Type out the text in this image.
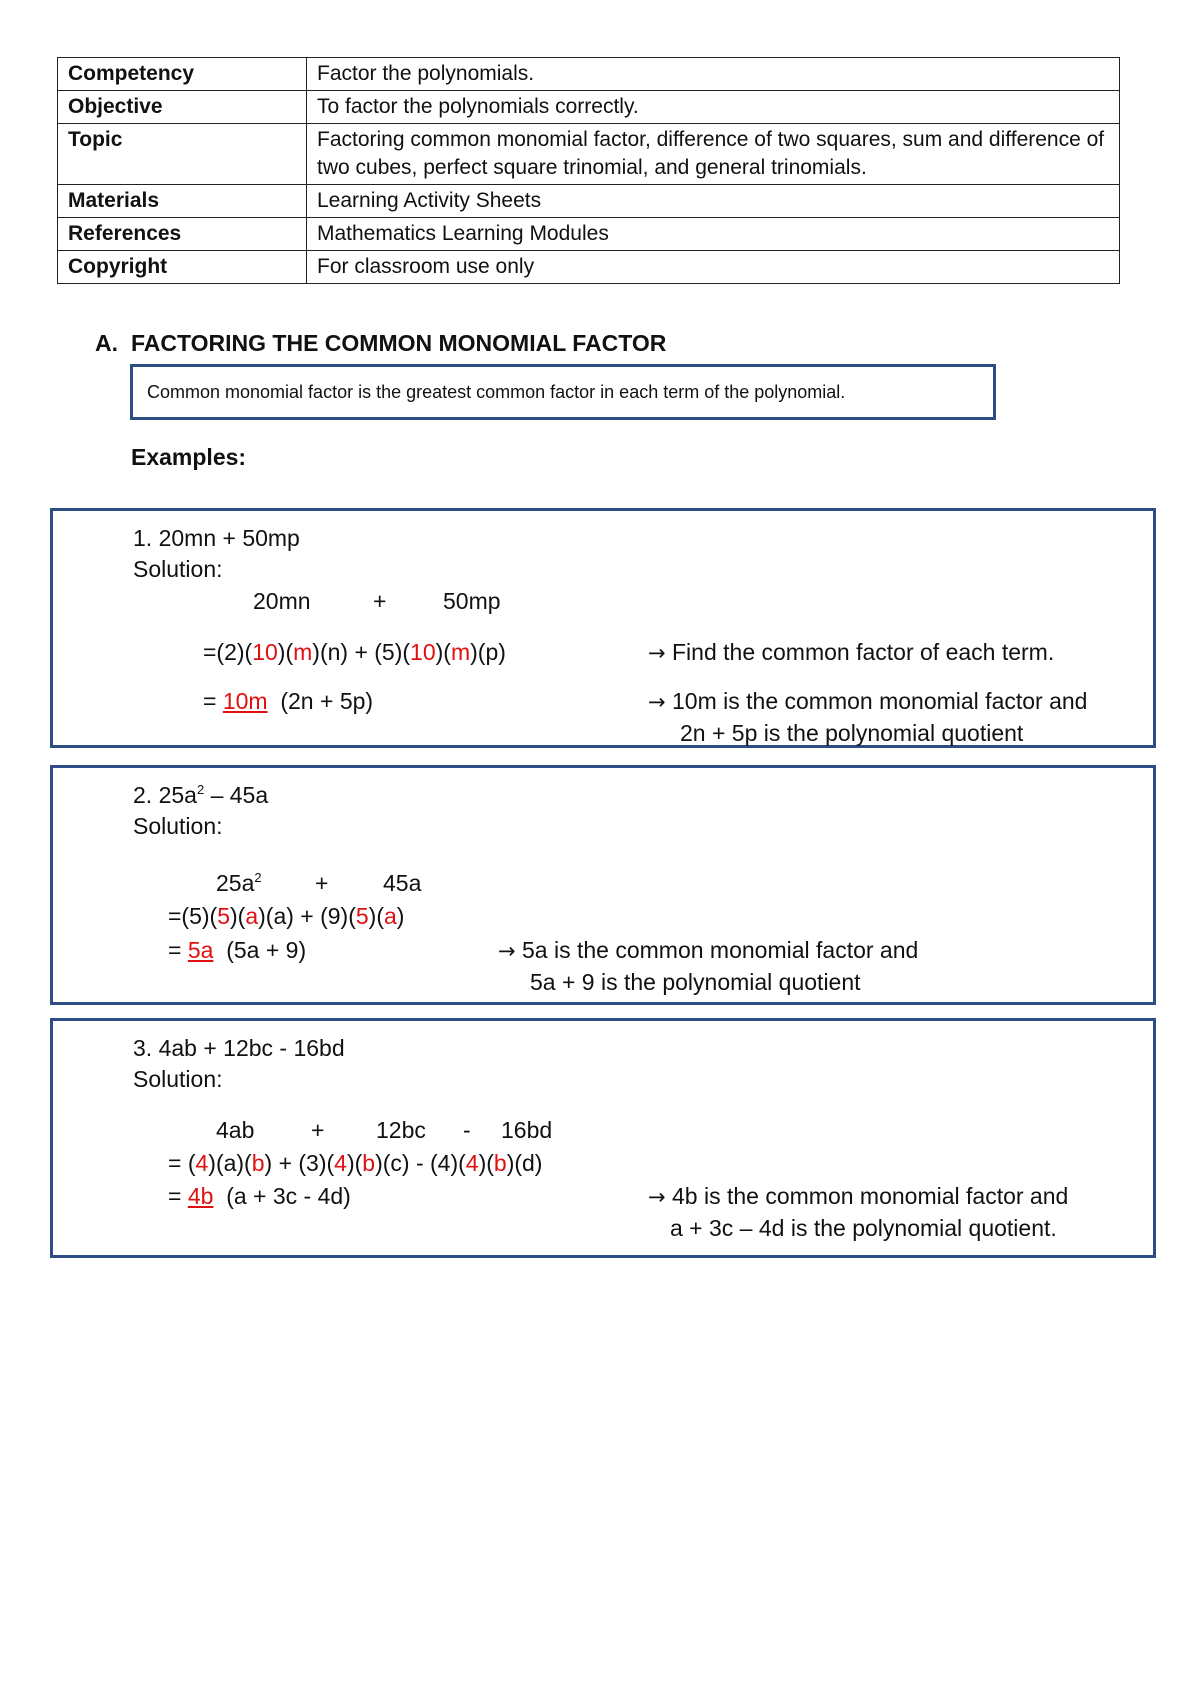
Competency	Factor the polynomials.
Objective	To factor the polynomials correctly.
Topic	Factoring common monomial factor, difference of two squares, sum and difference of two cubes, perfect square trinomial, and general trinomials.
Materials	Learning Activity Sheets
References	Mathematics Learning Modules
Copyright	For classroom use only
A. FACTORING THE COMMON MONOMIAL FACTOR
Common monomial factor is the greatest common factor in each term of the polynomial.
Examples:
1. 20mn + 50mp
Solution:
20mn	+ 50mp
=(2)(10)(m)(n) + (5)(10)(m)(p)
= 10m (2n + 5p)
→ Find the common factor of each term.
→ 10m is the common monomial factor and
2n + 5p is the polynomial quotient
2. $25a^2 - 45a$
Solution:
$25a^2 + 45a$
=(5)(5)(a)(a) + (9)(5)(a)
= 5a (5a + 9)	→ 5a is the common monomial factor and
5a + 9 is the polynomial quotient
3. 4ab + 12bc - 16bd
Solution:
4ab + 12bc - 16bd
= (4)(a)(b) + (3)(4)(b)(c) - (4)(4)(b)(d)
= 4b (a + 3c - 4d)	→ 4b is the common monomial factor and
a + 3c – 4d is the polynomial quotient.
